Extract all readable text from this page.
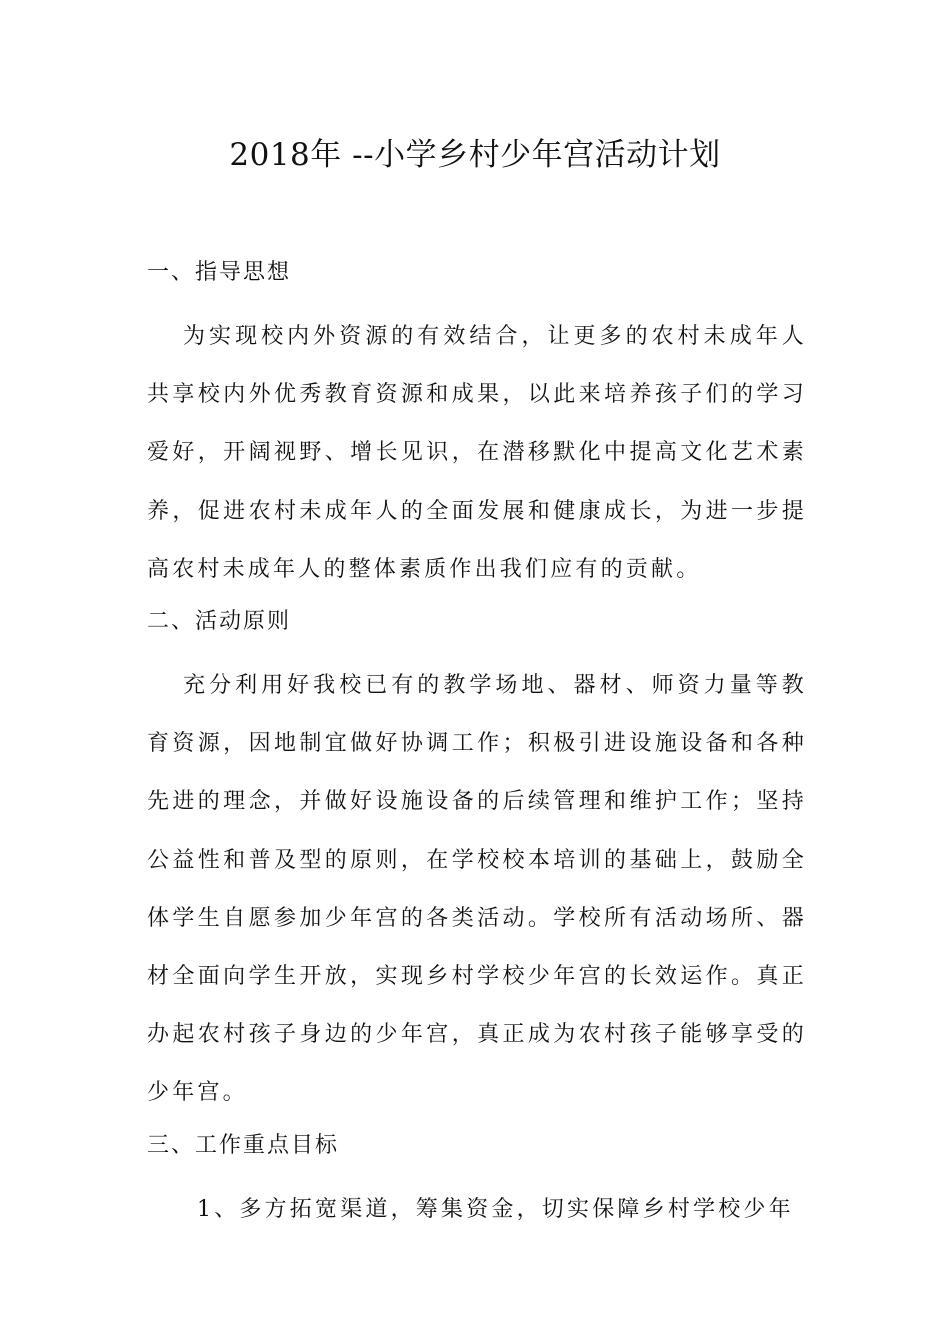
2018年 --小学乡村少年宫活动计划
一、指导思想

为实现校内外资源的有效结合，让更多的农村未成年人共享校内外优秀教育资源和成果，以此来培养孩子们的学习爱好，开阔视野、增长见识，在潜移默化中提高文化艺术素养，促进农村未成年人的全面发展和健康成长，为进一步提高农村未成年人的整体素质作出我们应有的贡献。

二、活动原则

充分利用好我校已有的教学场地、器材、师资力量等教育资源，因地制宜做好协调工作；积极引进设施设备和各种先进的理念，并做好设施设备的后续管理和维护工作；坚持公益性和普及型的原则，在学校校本培训的基础上，鼓励全体学生自愿参加少年宫的各类活动。学校所有活动场所、器材全面向学生开放，实现乡村学校少年宫的长效运作。真正办起农村孩子身边的少年宫，真正成为农村孩子能够享受的少年宫。

三、工作重点目标

1、多方拓宽渠道，筹集资金，切实保障乡村学校少年
